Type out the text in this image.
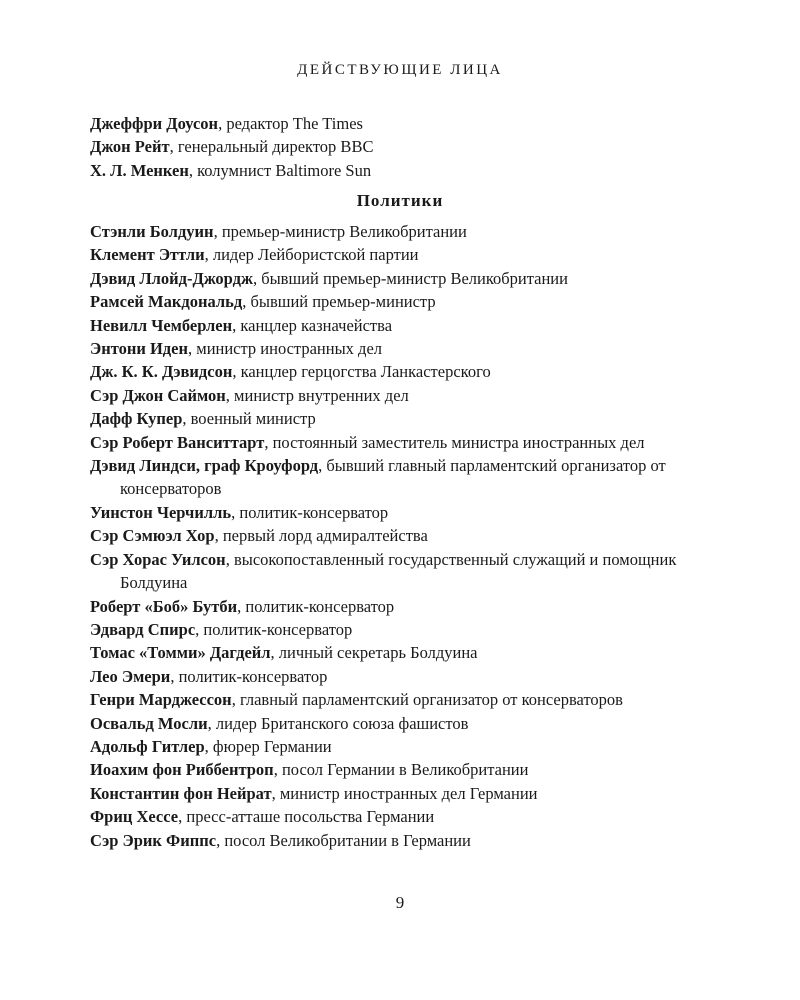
ДЕЙСТВУЮЩИЕ ЛИЦА
Джеффри Доусон, редактор The Times
Джон Рейт, генеральный директор BBC
Х. Л. Менкен, колумнист Baltimore Sun
Политики
Стэнли Болдуин, премьер-министр Великобритании
Клемент Эттли, лидер Лейбористской партии
Дэвид Ллойд-Джордж, бывший премьер-министр Великобритании
Рамсей Макдональд, бывший премьер-министр
Невилл Чемберлен, канцлер казначейства
Энтони Иден, министр иностранных дел
Дж. К. К. Дэвидсон, канцлер герцогства Ланкастерского
Сэр Джон Саймон, министр внутренних дел
Дафф Купер, военный министр
Сэр Роберт Ванситтарт, постоянный заместитель министра иностранных дел
Дэвид Линдси, граф Кроуфорд, бывший главный парламентский организатор от консерваторов
Уинстон Черчилль, политик-консерватор
Сэр Сэмюэл Хор, первый лорд адмиралтейства
Сэр Хорас Уилсон, высокопоставленный государственный служащий и помощник Болдуина
Роберт «Боб» Бутби, политик-консерватор
Эдвард Спирс, политик-консерватор
Томас «Томми» Дагдейл, личный секретарь Болдуина
Лео Эмери, политик-консерватор
Генри Марджессон, главный парламентский организатор от консерваторов
Освальд Мосли, лидер Британского союза фашистов
Адольф Гитлер, фюрер Германии
Иоахим фон Риббентроп, посол Германии в Великобритании
Константин фон Нейрат, министр иностранных дел Германии
Фриц Хессе, пресс-атташе посольства Германии
Сэр Эрик Фиппс, посол Великобритании в Германии
9
